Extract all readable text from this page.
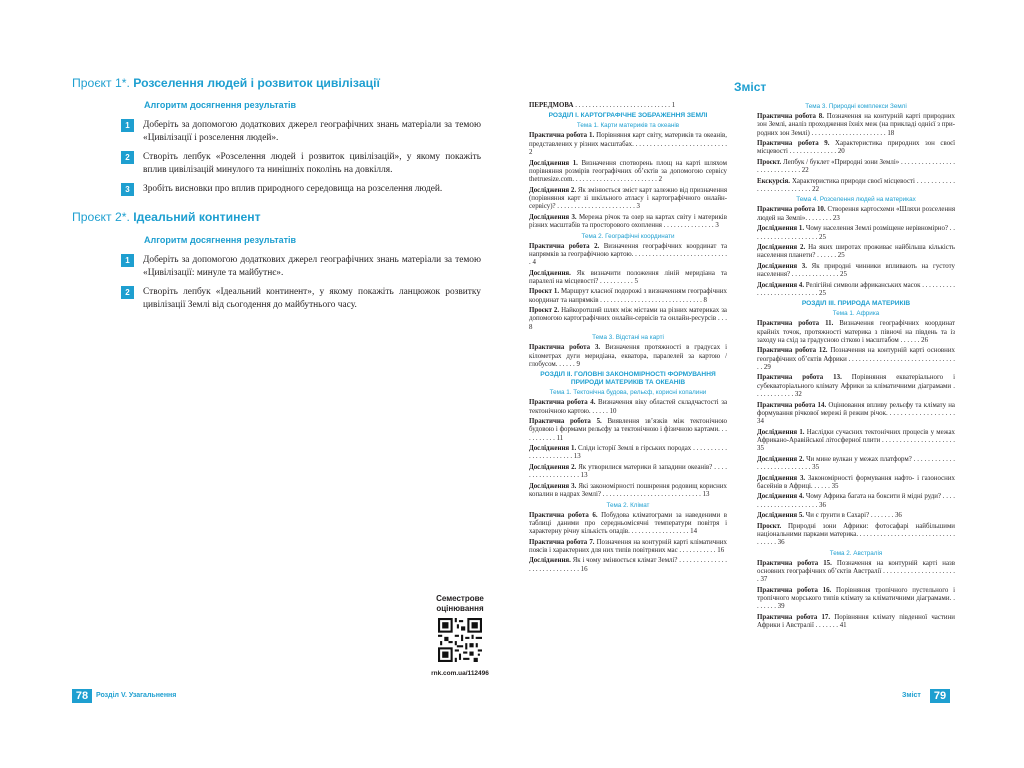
Проєкт 1*. Розселення людей і розвиток цивілізації
Алгоритм досягнення результатів
1	Доберіть за допомогою додаткових джерел географічних знань матеріали за темою «Цивілізації і розселення людей».
2	Створіть лепбук «Розселення людей і розвиток цивілізацій», у якому покажіть вплив цивілізацій минулого та нинішніх поколінь на довкілля.
3	Зробіть висновки про вплив природного середовища на розселення людей.
Проєкт 2*. Ідеальний континент
Алгоритм досягнення результатів
1	Доберіть за допомогою додаткових джерел географічних знань матеріали за темою «Цивілізації: минуле та майбутнє».
2	Створіть лепбук «Ідеальний континент», у якому покажіть ланцюжок розвитку цивілізації Землі від сьогодення до майбутнього часу.
Семестрове
оцінювання
rnk.com.ua/112496
78	Розділ V. Узагальнення
Зміст
ПЕРЕДМОВА . . . . . . . . . . . . . . . . . . . . . . . . . . . . 1
РОЗДІЛ І. КАРТОГРАФІЧНЕ ЗОБРАЖЕННЯ ЗЕМЛІ
Тема 1. Карти материків та океанів
Практична робота 1. Порівняння карт світу, материків та океанів, представлених у різних масштабах. . . . . . . . . . . . . . . . . . . . . . . . . . . 2
Дослідження 1. Визначення спотворень площ на карті шляхом порівняння розмірів географічних об’єктів за допомогою сервісу thetruesize.com. . . . . . . . . . . . . . . . . . . . . . . . . 2
Дослідження 2. Як змінюється зміст карт залежно від призначення (порівняння карт зі шкільного атласу і картографічного онлайн-сервісу)? . . . . . . . . . . . . . . . . . . . . . . . 3
Дослідження 3. Мережа річок та озер на картах світу і материків різних масштабів та просторового охоплення . . . . . . . . . . . . . . . 3
Тема 2. Географічні координати
Практична робота 2. Визначення географічних координат та напрямків за географічною картою. . . . . . . . . . . . . . . . . . . . . . . . . . . . . 4
Дослідження. Як визначити положення ліній меридіана та паралелі на місцевості? . . . . . . . . . . 5
Проєкт 1. Маршрут класної подорожі з визначенням географічних координат та напрямків . . . . . . . . . . . . . . . . . . . . . . . . . . . . . . 8
Проєкт 2. Найкоротший шлях між містами на різних материках за допомогою картографічних онлайн-сервісів та онлайн-ресурсів . . . 8
Тема 3. Відстані на карті
Практична робота 3. Визначення протяжності в градусах і кілометрах дуги меридіана, екватора, паралелей за картою / глобусом. . . . . . 9
РОЗДІЛ ІІ. ГОЛОВНІ ЗАКОНОМІРНОСТІ ФОРМУВАННЯ ПРИРОДИ МАТЕРИКІВ ТА ОКЕАНІВ
Тема 1. Тектонічна будова, рельєф, корисні копалини
Практична робота 4. Визначення віку областей складчастості за тектонічною картою. . . . . . 10
Практична робота 5. Виявлення зв’язків між тектонічною будовою і формами рельєфу за тектонічною і фізичною картами. . . . . . . . . . . 11
Дослідження 1. Сліди історії Землі в гірських породах . . . . . . . . . . . . . . . . . . . . . . . 13
Дослідження 2. Як утворилися материки й западини океанів? . . . . . . . . . . . . . . . . . . . 13
Дослідження 3. Які закономірності пошнрення родовищ корисних копалин в надрах Землі? . . . . . . . . . . . . . . . . . . . . . . . . . . . . . 13
Тема 2. Клімат
Практична робота 6. Побудова кліматограми за наведеними в таблиці даними про середньомісячні температури повітря і характерну річну кількість опадів. . . . . . . . . . . . . . . . . . 14
Практична робота 7. Позначення на контурній карті кліматичних поясів і характерних для них типів повітряних мас . . . . . . . . . . . 16
Дослідження. Як і чому змінюється клімат Землі? . . . . . . . . . . . . . . . . . . . . . . . . . . . . . 16
Тема 3. Природні комплекси Землі
Практична робота 8. Позначення на контурній карті природних зон Землі, аналіз проходження їхніх меж (на прикладі однієї з природних зон Землі) . . . . . . . . . . . . . . . . . . . . . . 18
Практична робота 9. Характеристика природних зон своєї місцевості . . . . . . . . . . . . . . 20
Проєкт. Лепбук / буклет «Природні зони Землі» . . . . . . . . . . . . . . . . . . . . . . . . . . . . . 22
Екскурсія. Характеристика природи своєї місцевості . . . . . . . . . . . . . . . . . . . . . . . . . . . 22
Тема 4. Розселення людей на материках
Практична робота 10. Створення картосхеми «Шляхи розселення людей на Землі». . . . . . . . 23
Дослідження 1. Чому населення Землі розміщене нерівномірно? . . . . . . . . . . . . . . . . . . . . 25
Дослідження 2. На яких широтах проживає найбільша кількість населення планети? . . . . . . 25
Дослідження 3. Як природні чинники впливають на густоту населення? . . . . . . . . . . . . . . 25
Дослідження 4. Релігійні символи африканських масок . . . . . . . . . . . . . . . . . . . . . . . . . . . . 25
РОЗДІЛ ІІІ. ПРИРОДА МАТЕРИКІВ
Тема 1. Африка
Практична робота 11. Визначення географічних координат крайніх точок, протяжності материка з півночі на південь та із заходу на схід за градусною сіткою і масштабом . . . . . . 26
Практична робота 12. Позначення на контурній карті основних географічних об’єктів Африки . . . . . . . . . . . . . . . . . . . . . . . . . . . . . . . . . 29
Практична робота 13. Порівняння екватеріального і субекваторіального клімату Африки за кліматичними діаграмами . . . . . . . . . . . . 32
Практична робота 14. Оцінювання впливу рельєфу та клімату на формування річкової мережі й режим річок. . . . . . . . . . . . . . . . . . . 34
Дослідження 1. Наслідки сучасних тектонічних процесів у межах Африкано-Аравійської літосферної плити . . . . . . . . . . . . . . . . . . . . . 35
Дослідження 2. Чи мине вулкан у межах платформ? . . . . . . . . . . . . . . . . . . . . . . . . . . . . 35
Дослідження 3. Закономірності формування нафто- і газоносних басейнів в Африці. . . . . . 35
Дослідження 4. Чому Африка багата на боксити й мідні руди? . . . . . . . . . . . . . . . . . . . . . . 36
Дослідження 5. Чи є ґрунти в Сахарі? . . . . . . . 36
Проєкт. Природні зони Африки: фотосафарі найбільшими національними парками материка. . . . . . . . . . . . . . . . . . . . . . . . . . . . . . . . . . . 36
Тема 2. Австралія
Практична робота 15. Позначення на контурній карті назв основних географічних об’єктів Австралії . . . . . . . . . . . . . . . . . . . . . . 37
Практична робота 16. Порівняння тропічного пустельного і тропічного морського типів клімату за кліматичними діаграмами. . . . . . . . 39
Практична робота 17. Порівняння клімату південної частини Африки і Австралії . . . . . . . 41
Зміст	79
